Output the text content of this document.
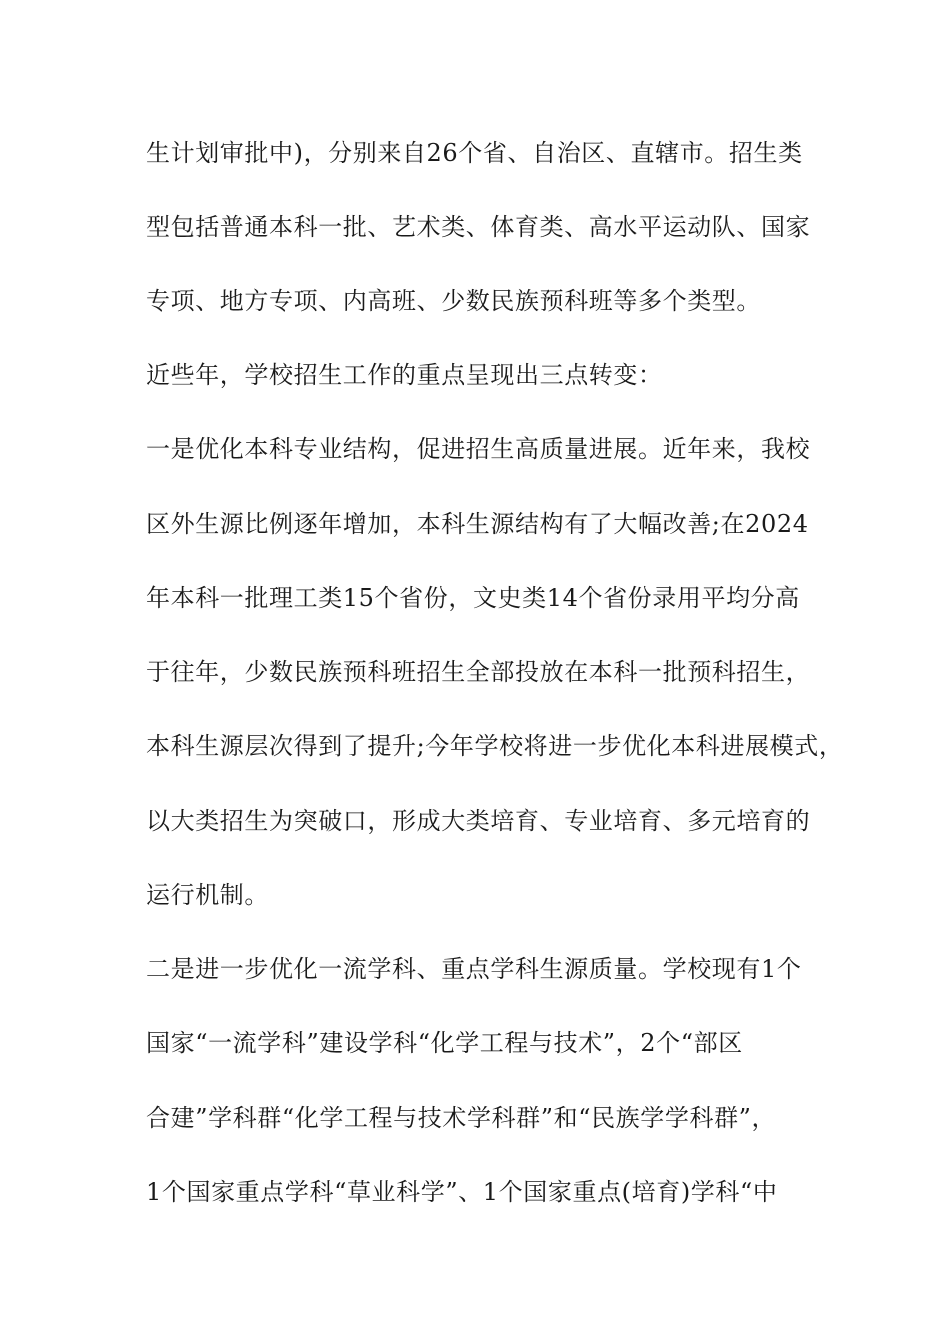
生计划审批中)，分别来自26个省、自治区、直辖市。招生类
型包括普通本科一批、艺术类、体育类、高水平运动队、国家
专项、地方专项、内高班、少数民族预科班等多个类型。
近些年，学校招生工作的重点呈现出三点转变：
一是优化本科专业结构，促进招生高质量进展。近年来，我校
区外生源比例逐年增加，本科生源结构有了大幅改善;在2024
年本科一批理工类15个省份，文史类14个省份录用平均分高
于往年，少数民族预科班招生全部投放在本科一批预科招生，
本科生源层次得到了提升;今年学校将进一步优化本科进展模式，
以大类招生为突破口，形成大类培育、专业培育、多元培育的
运行机制。
二是进一步优化一流学科、重点学科生源质量。学校现有1个
国家“一流学科”建设学科“化学工程与技术”，2个“部区
合建”学科群“化学工程与技术学科群”和“民族学学科群”，
1个国家重点学科“草业科学”、1个国家重点(培育)学科“中
